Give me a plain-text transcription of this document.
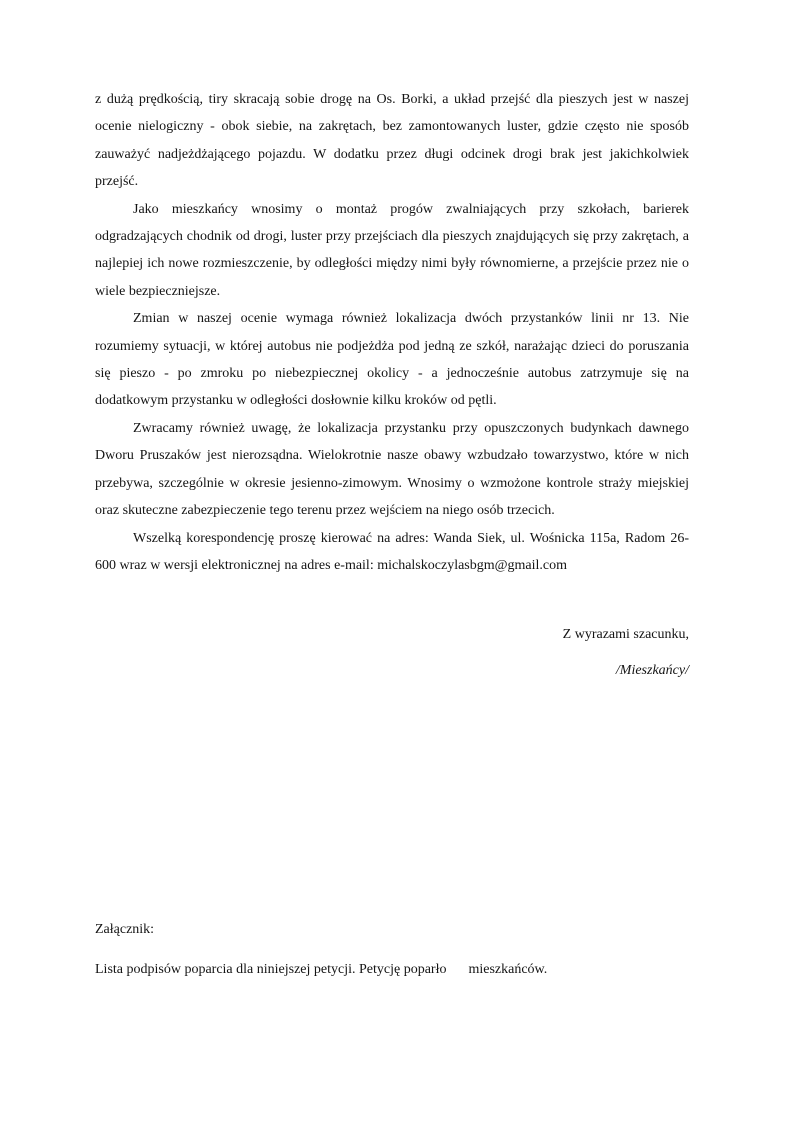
z dużą prędkością, tiry skracają sobie drogę na Os. Borki, a układ przejść dla pieszych jest w naszej ocenie nielogiczny - obok siebie, na zakrętach, bez zamontowanych luster, gdzie często nie sposób zauważyć nadjeżdżającego pojazdu. W dodatku przez długi odcinek drogi brak jest jakichkolwiek przejść.

Jako mieszkańcy wnosimy o montaż progów zwalniających przy szkołach, barierek odgradzających chodnik od drogi, luster przy przejściach dla pieszych znajdujących się przy zakrętach, a najlepiej ich nowe rozmieszczenie, by odległości między nimi były równomierne, a przejście przez nie o wiele bezpieczniejsze.

Zmian w naszej ocenie wymaga również lokalizacja dwóch przystanków linii nr 13. Nie rozumiemy sytuacji, w której autobus nie podjeżdża pod jedną ze szkół, narażając dzieci do poruszania się pieszo - po zmroku po niebezpiecznej okolicy - a jednocześnie autobus zatrzymuje się na dodatkowym przystanku w odległości dosłownie kilku kroków od pętli.

Zwracamy również uwagę, że lokalizacja przystanku przy opuszczonych budynkach dawnego Dworu Pruszaków jest nierozsądna. Wielokrotnie nasze obawy wzbudzało towarzystwo, które w nich przebywa, szczególnie w okresie jesienno-zimowym. Wnosimy o wzmożone kontrole straży miejskiej oraz skuteczne zabezpieczenie tego terenu przez wejściem na niego osób trzecich.

Wszelką korespondencję proszę kierować na adres: Wanda Siek, ul. Wośnicka 115a, Radom 26-600 wraz w wersji elektronicznej na adres e-mail: michalskoczylasbgm@gmail.com

Z wyrazami szacunku,
/Mieszkańcy/
Załącznik:
Lista podpisów poparcia dla niniejszej petycji. Petycję poparło mieszkańców.
